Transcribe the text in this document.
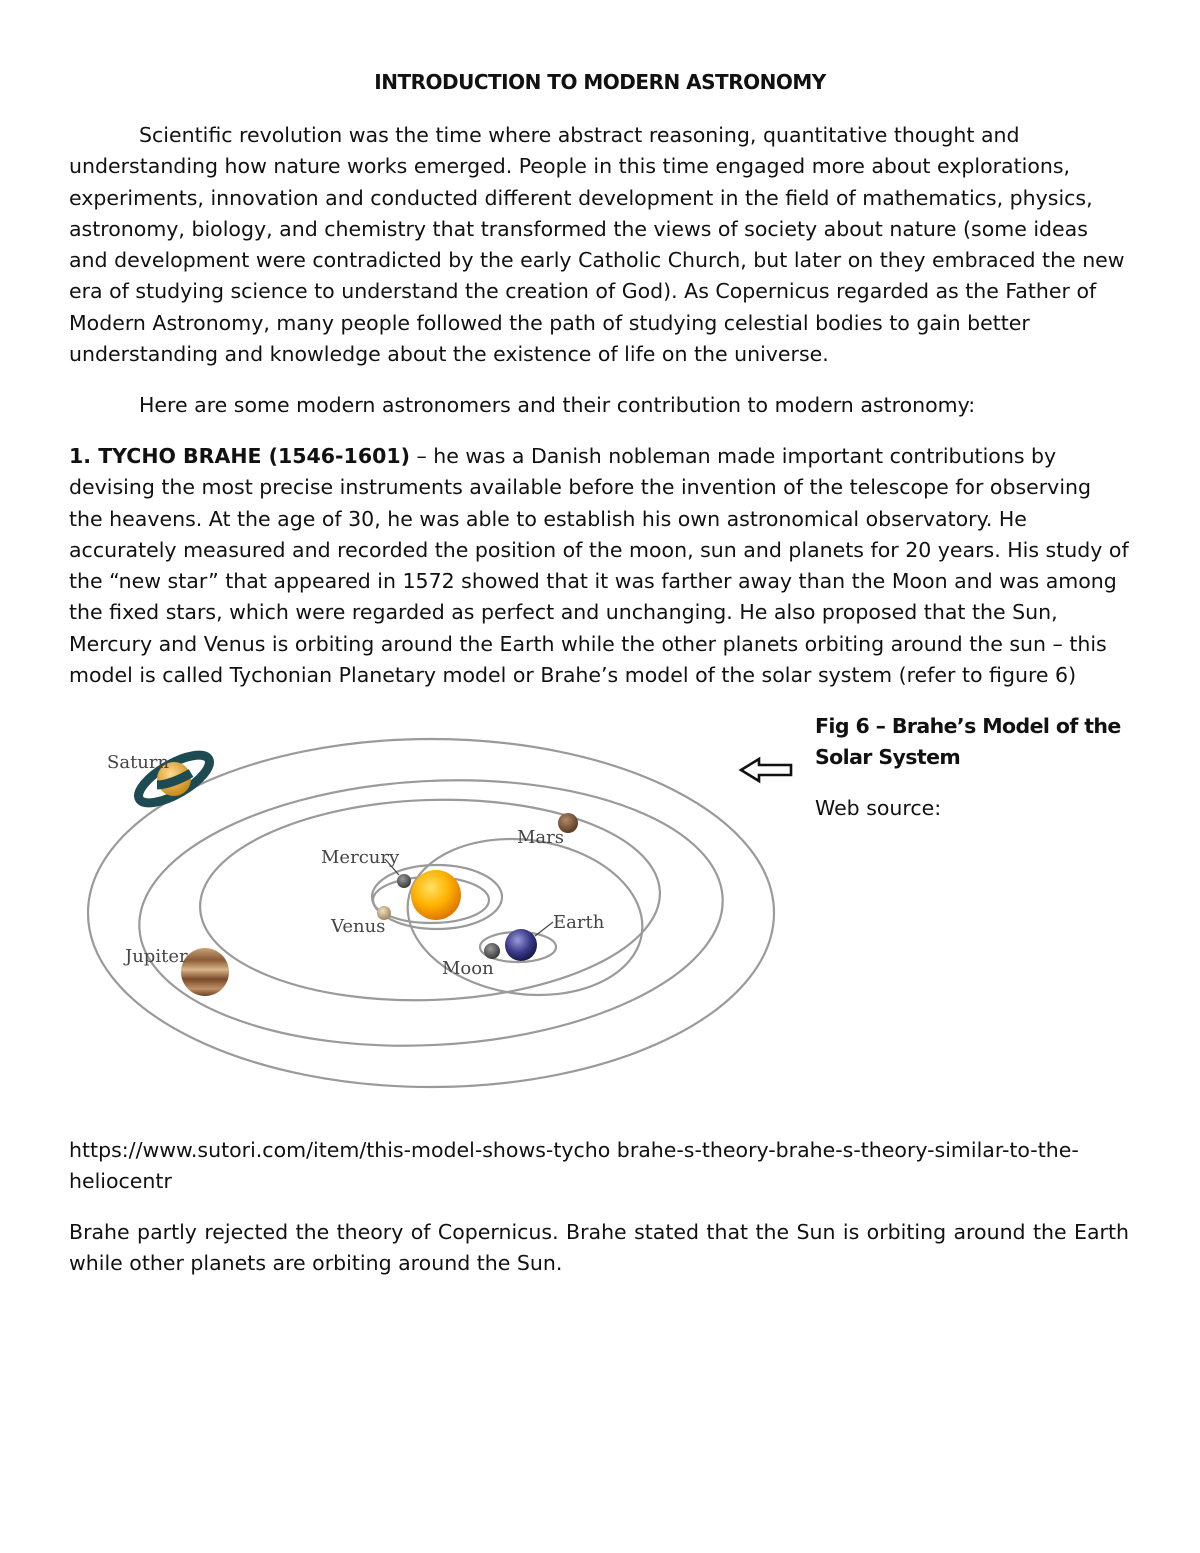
INTRODUCTION TO MODERN ASTRONOMY

Scientific revolution was the time where abstract reasoning, quantitative thought and understanding how nature works emerged. People in this time engaged more about explorations, experiments, innovation and conducted different development in the field of mathematics, physics, astronomy, biology, and chemistry that transformed the views of society about nature (some ideas and development were contradicted by the early Catholic Church, but later on they embraced the new era of studying science to understand the creation of God). As Copernicus regarded as the Father of Modern Astronomy, many people followed the path of studying celestial bodies to gain better understanding and knowledge about the existence of life on the universe.

Here are some modern astronomers and their contribution to modern astronomy:

1. TYCHO BRAHE (1546-1601) – he was a Danish nobleman made important contributions by devising the most precise instruments available before the invention of the telescope for observing the heavens. At the age of 30, he was able to establish his own astronomical observatory. He accurately measured and recorded the position of the moon, sun and planets for 20 years. His study of the “new star” that appeared in 1572 showed that it was farther away than the Moon and was among the fixed stars, which were regarded as perfect and unchanging. He also proposed that the Sun, Mercury and Venus is orbiting around the Earth while the other planets orbiting around the sun – this model is called Tychonian Planetary model or Brahe’s model of the solar system (refer to figure 6)

Saturn
Mars
Mercury
Venus	Earth
Jupiter
Moon

Fig 6 – Brahe’s Model of the Solar System

Web source:

https://www.sutori.com/item/this-model-shows-tycho brahe-s-theory-brahe-s-theory-similar-to-the-heliocentr

Brahe partly rejected the theory of Copernicus. Brahe stated that the Sun is orbiting around the Earth while other planets are orbiting around the Sun.
